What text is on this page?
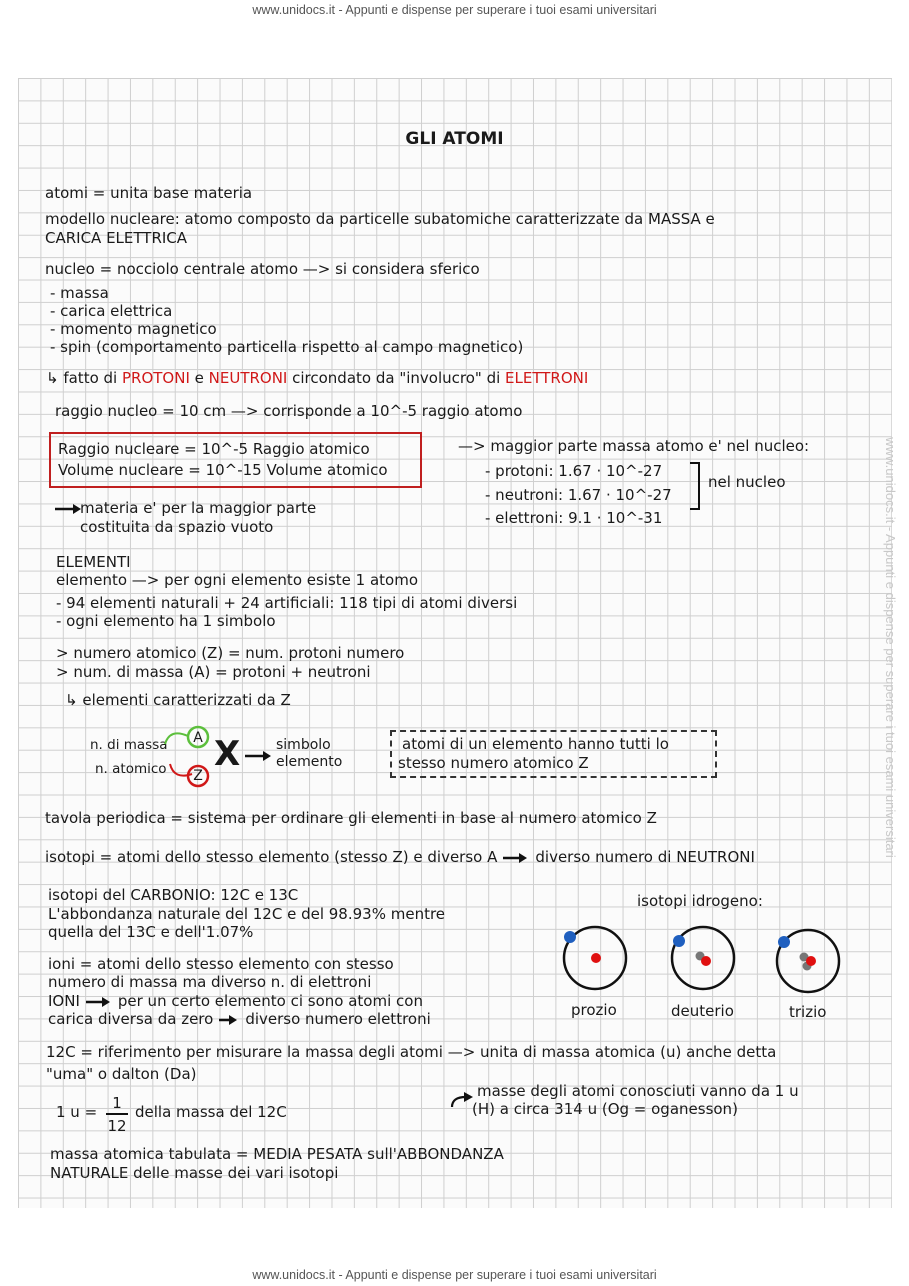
www.unidocs.it - Appunti e dispense per superare i tuoi esami universitari
www.unidocs.it - Appunti e dispense per superare i tuoi esami universitari
www.unidocs.it - Appunti e dispense per superare i tuoi esami universitari
GLI ATOMI
atomi = unita base materia
modello nucleare: atomo composto da particelle subatomiche caratterizzate da MASSA e
CARICA ELETTRICA
nucleo = nocciolo centrale atomo —> si considera sferico
- massa
- carica elettrica
- momento magnetico
- spin (comportamento particella rispetto al campo magnetico)
↳ fatto di PROTONI e NEUTRONI circondato da "involucro" di ELETTRONI
raggio nucleo = 10 cm —> corrisponde a 10^-5 raggio atomo
Raggio nucleare = 10^-5 Raggio atomico
Volume nucleare = 10^-15 Volume atomico
—> maggior parte massa atomo e' nel nucleo:
- protoni: 1.67 · 10^-27
- neutroni: 1.67 · 10^-27
- elettroni: 9.1 · 10^-31
nel nucleo
materia e' per la maggior parte
costituita da spazio vuoto
ELEMENTI
elemento —> per ogni elemento esiste 1 atomo
- 94 elementi naturali + 24 artificiali: 118 tipi di atomi diversi
- ogni elemento ha 1 simbolo
> numero atomico (Z) = num. protoni numero
> num. di massa (A) = protoni + neutroni
↳ elementi caratterizzati da Z
n. di massa
n. atomico
A
Z
X	simbolo
elemento
atomi di un elemento hanno tutti lo
stesso numero atomico Z
tavola periodica = sistema per ordinare gli elementi in base al numero atomico Z
isotopi = atomi dello stesso elemento (stesso Z) e diverso A	diverso numero di NEUTRONI
isotopi del CARBONIO: 12C e 13C
L'abbondanza naturale del 12C e del 98.93% mentre
quella del 13C e dell'1.07%
isotopi idrogeno:
ioni = atomi dello stesso elemento con stesso
numero di massa ma diverso n. di elettroni
IONI	per un certo elemento ci sono atomi con
carica diversa da zero diverso numero elettroni	prozio	deuterio	trizio
12C = riferimento per misurare la massa degli atomi —> unita di massa atomica (u) anche detta
"uma" o dalton (Da)
1 u =	1
12
della massa del 12C
masse degli atomi conosciuti vanno da 1 u
(H) a circa 314 u (Og = oganesson)
massa atomica tabulata = MEDIA PESATA sull'ABBONDANZA
NATURALE delle masse dei vari isotopi
